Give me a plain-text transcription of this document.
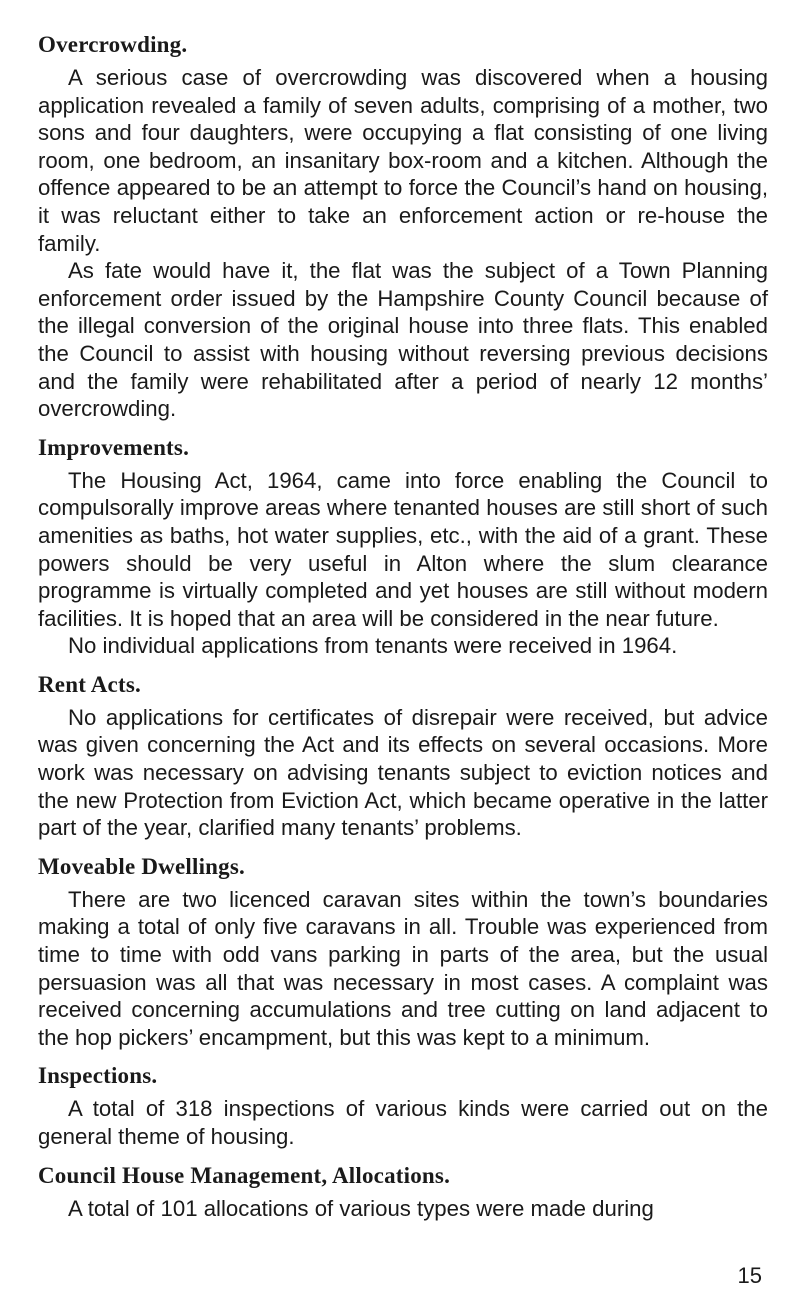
Overcrowding.

A serious case of overcrowding was discovered when a housing application revealed a family of seven adults, comprising of a mother, two sons and four daughters, were occupying a flat consisting of one living room, one bedroom, an insanitary box-room and a kitchen. Although the offence appeared to be an attempt to force the Council’s hand on housing, it was reluctant either to take an enforcement action or re-house the family.

As fate would have it, the flat was the subject of a Town Planning enforcement order issued by the Hampshire County Council because of the illegal conversion of the original house into three flats. This enabled the Council to assist with housing without reversing previous decisions and the family were rehabilitated after a period of nearly 12 months’ overcrowding.

Improvements.

The Housing Act, 1964, came into force enabling the Council to compulsorally improve areas where tenanted houses are still short of such amenities as baths, hot water supplies, etc., with the aid of a grant. These powers should be very useful in Alton where the slum clearance programme is virtually completed and yet houses are still without modern facilities. It is hoped that an area will be considered in the near future.

No individual applications from tenants were received in 1964.

Rent Acts.

No applications for certificates of disrepair were received, but advice was given concerning the Act and its effects on several occasions. More work was necessary on advising tenants subject to eviction notices and the new Protection from Eviction Act, which became operative in the latter part of the year, clarified many tenants’ problems.

Moveable Dwellings.

There are two licenced caravan sites within the town’s boundaries making a total of only five caravans in all. Trouble was experienced from time to time with odd vans parking in parts of the area, but the usual persuasion was all that was necessary in most cases. A complaint was received concerning accumulations and tree cutting on land adjacent to the hop pickers’ encampment, but this was kept to a minimum.

Inspections.

A total of 318 inspections of various kinds were carried out on the general theme of housing.

Council House Management, Allocations.

A total of 101 allocations of various types were made during

15
